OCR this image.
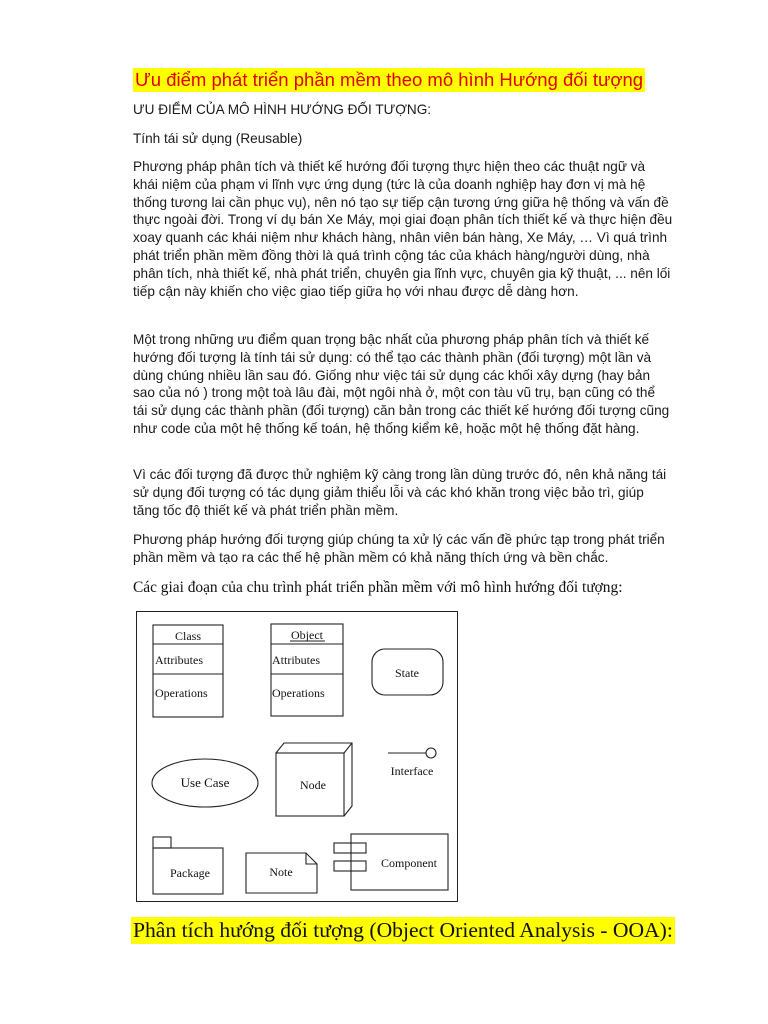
Ưu điểm phát triển phần mềm theo mô hình Hướng đối tượng
ƯU ĐIỂM CỦA MÔ HÌNH HƯỚNG ĐỐI TƯỢNG:
Tính tái sử dụng (Reusable)
Phương pháp phân tích và thiết kế hướng đối tượng thực hiện theo các thuật ngữ và khái niệm của phạm vi lĩnh vực ứng dụng (tức là của doanh nghiệp hay đơn vị mà hệ thống tương lai cần phục vụ), nên nó tạo sự tiếp cận tương ứng giữa hệ thống và vấn đề thực ngoài đời. Trong ví dụ bán Xe Máy, mọi giai đoạn phân tích thiết kế và thực hiện đều xoay quanh các khái niệm như khách hàng, nhân viên bán hàng, Xe Máy, … Vì quá trình phát triển phần mềm đồng thời là quá trình cộng tác của khách hàng/người dùng, nhà phân tích, nhà thiết kế, nhà phát triển, chuyên gia lĩnh vực, chuyên gia kỹ thuật, ... nên lối tiếp cận này khiến cho việc giao tiếp giữa họ với nhau được dễ dàng hơn.
Một trong những ưu điểm quan trọng bậc nhất của phương pháp phân tích và thiết kế hướng đối tượng là tính tái sử dụng: có thể tạo các thành phần (đối tượng) một lần và dùng chúng nhiều lần sau đó. Giống như việc tái sử dụng các khối xây dựng (hay bản sao của nó ) trong một toà lâu đài, một ngôi nhà ở, một con tàu vũ trụ, bạn cũng có thể tái sử dụng các thành phần (đối tượng) căn bản trong các thiết kế hướng đối tượng cũng như code của một hệ thống kế toán, hệ thống kiểm kê, hoặc một hệ thống đặt hàng.
Vì các đối tượng đã được thử nghiệm kỹ càng trong lần dùng trước đó, nên khả năng tái sử dụng đối tượng có tác dụng giảm thiểu lỗi và các khó khăn trong việc bảo trì, giúp tăng tốc độ thiết kế và phát triển phần mềm.
Phương pháp hướng đối tượng giúp chúng ta xử lý các vấn đề phức tạp trong phát triển phần mềm và tạo ra các thế hệ phần mềm có khả năng thích ứng và bền chắc.
Các giai đoạn của chu trình phát triển phần mềm với mô hình hướng đối tượng:
Class
Attributes
Operations
Object
Attributes
Operations
State
Use Case	Node
Interface
Package	Note
Component
Phân tích hướng đối tượng (Object Oriented Analysis - OOA):
